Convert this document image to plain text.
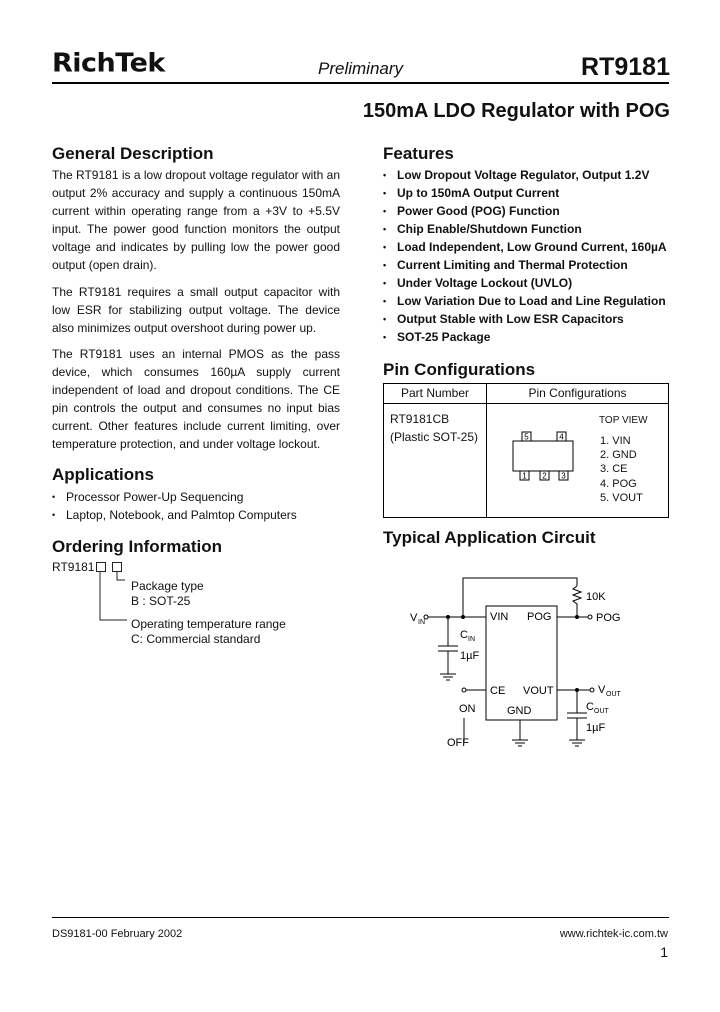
RichTek	Preliminary	RT9181
150mA LDO Regulator with POG
General Description

The RT9181 is a low dropout voltage regulator with an output 2% accuracy and supply a continuous 150mA current within operating range from a +3V to +5.5V input. The power good function monitors the output voltage and indicates by pulling low the power good output (open drain).

The RT9181 requires a small output capacitor with low ESR for stabilizing output voltage. The device also minimizes output overshoot during power up.

The RT9181 uses an internal PMOS as the pass device, which consumes 160µA supply current independent of load and dropout conditions. The CE pin controls the output and consumes no input bias current. Other features include current limiting, over temperature protection, and under voltage lockout.

Applications
• Processor Power-Up Sequencing
• Laptop, Notebook, and Palmtop Computers
Ordering Information
RT9181
Package type
B : SOT-25
Operating temperature range
C: Commercial standard
Features
• Low Dropout Voltage Regulator, Output 1.2V
• Up to 150mA Output Current
• Power Good (POG) Function
• Chip Enable/Shutdown Function
• Load Independent, Low Ground Current, 160µA
• Current Limiting and Thermal Protection
• Under Voltage Lockout (UVLO)
• Low Variation Due to Load and Line Regulation
• Output Stable with Low ESR Capacitors
• SOT-25 Package
Pin Configurations
Part Number	Pin Configurations
RT9181CB
(Plastic SOT-25)
TOP VIEW
5	4
1 2 3
1. VIN
2. GND
3. CE
4. POG
5. VOUT
Typical Application Circuit
V IN
10K
POG
C IN
1µF
VIN POG
CE VOUT
GND
ON
OFF
V OUT
C OUT
1µF
DS9181-00 February 2002	www.richtek-ic.com.tw
1
